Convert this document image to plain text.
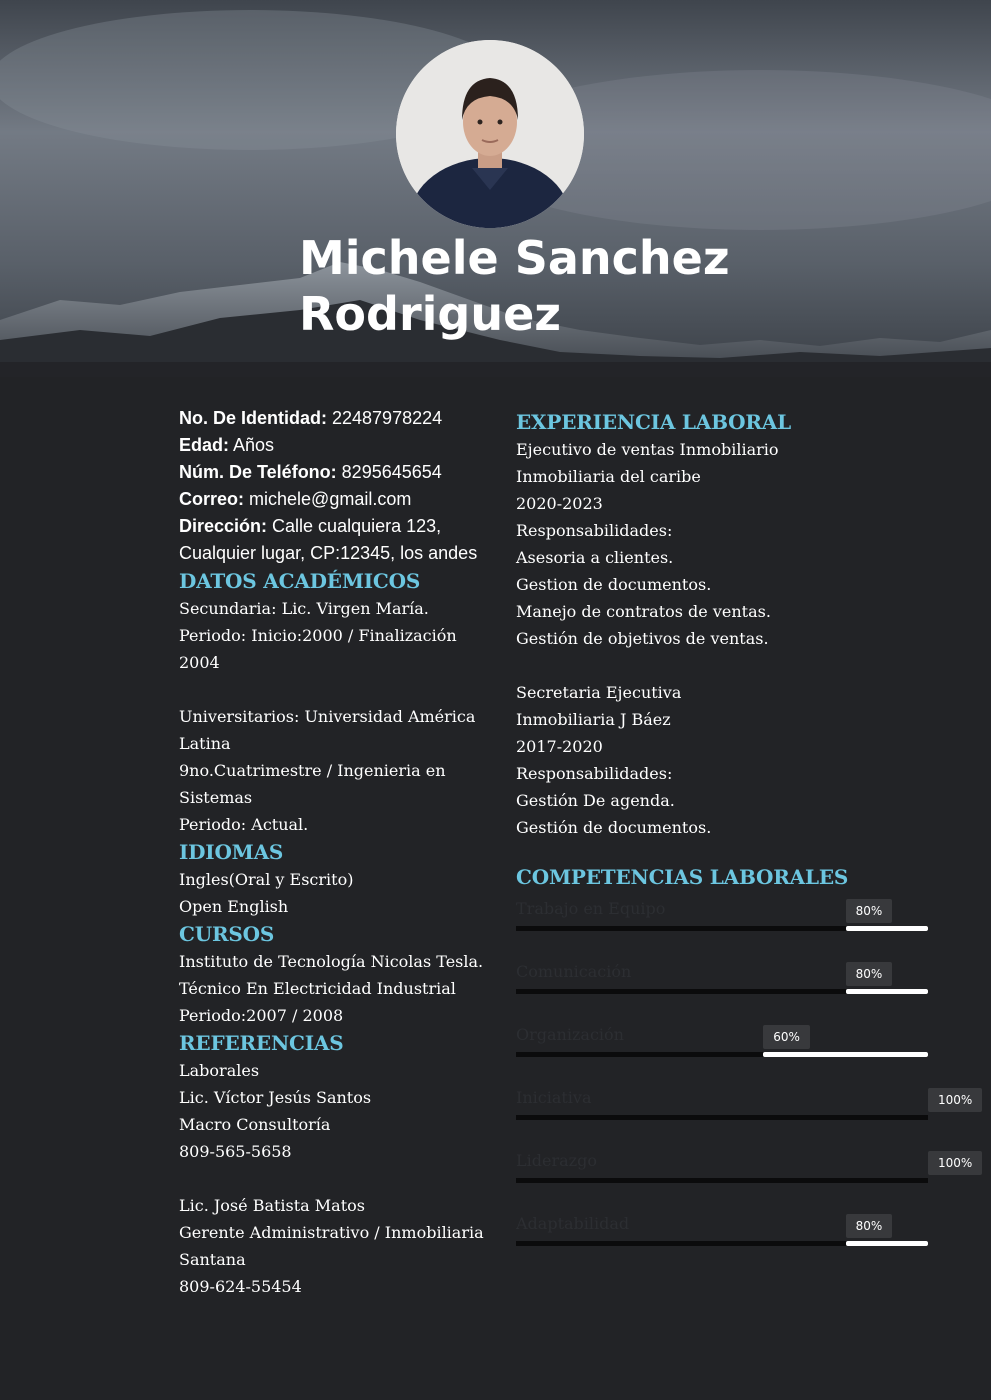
Michele Sanchez
Rodriguez
No. De Identidad: 22487978224
Edad: Años
Núm. De Teléfono: 8295645654
Correo: michele@gmail.com
Dirección: Calle cualquiera 123,
Cualquier lugar, CP:12345, los andes
DATOS ACADÉMICOS
Secundaria: Lic. Virgen María.
Periodo: Inicio:2000 / Finalización
2004
Universitarios: Universidad América
Latina
9no.Cuatrimestre / Ingenieria en
Sistemas
Periodo: Actual.
IDIOMAS
Ingles(Oral y Escrito)
Open English
CURSOS
Instituto de Tecnología Nicolas Tesla.
Técnico En Electricidad Industrial
Periodo:2007 / 2008
REFERENCIAS
Laborales
Lic. Víctor Jesús Santos
Macro Consultoría
809-565-5658
Lic. José Batista Matos
Gerente Administrativo / Inmobiliaria
Santana
809-624-55454
EXPERIENCIA LABORAL
Ejecutivo de ventas Inmobiliario
Inmobiliaria del caribe
2020-2023
Responsabilidades:
Asesoria a clientes.
Gestion de documentos.
Manejo de contratos de ventas.
Gestión de objetivos de ventas.
Secretaria Ejecutiva
Inmobiliaria J Báez
2017-2020
Responsabilidades:
Gestión De agenda.
Gestión de documentos.
COMPETENCIAS LABORALES
Trabajo en Equipo	80%
Comunicación	80%
Organización	60%
Iniciativa	100%
Liderazgo	100%
Adaptabilidad	80%
